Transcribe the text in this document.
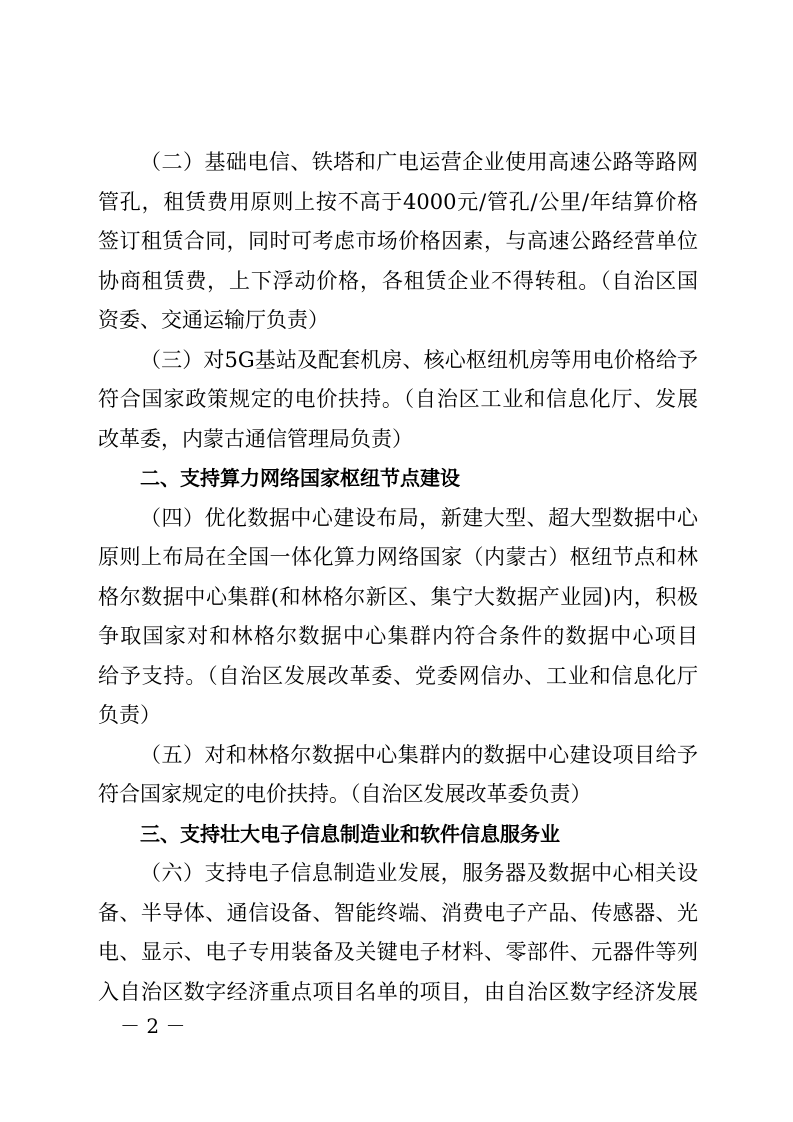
（二）基础电信、铁塔和广电运营企业使用高速公路等路网
管孔，租赁费用原则上按不高于4000元/管孔/公里/年结算价格
签订租赁合同，同时可考虑市场价格因素，与高速公路经营单位
协商租赁费，上下浮动价格，各租赁企业不得转租。（自治区国
资委、交通运输厅负责）
（三）对5G基站及配套机房、核心枢纽机房等用电价格给予
符合国家政策规定的电价扶持。（自治区工业和信息化厅、发展
改革委，内蒙古通信管理局负责）
二、支持算力网络国家枢纽节点建设
（四）优化数据中心建设布局，新建大型、超大型数据中心
原则上布局在全国一体化算力网络国家（内蒙古）枢纽节点和林
格尔数据中心集群(和林格尔新区、集宁大数据产业园)内，积极
争取国家对和林格尔数据中心集群内符合条件的数据中心项目
给予支持。（自治区发展改革委、党委网信办、工业和信息化厅
负责）
（五）对和林格尔数据中心集群内的数据中心建设项目给予
符合国家规定的电价扶持。（自治区发展改革委负责）
三、支持壮大电子信息制造业和软件信息服务业
（六）支持电子信息制造业发展，服务器及数据中心相关设
备、半导体、通信设备、智能终端、消费电子产品、传感器、光
电、显示、电子专用装备及关键电子材料、零部件、元器件等列
入自治区数字经济重点项目名单的项目，由自治区数字经济发展
－ 2 －
